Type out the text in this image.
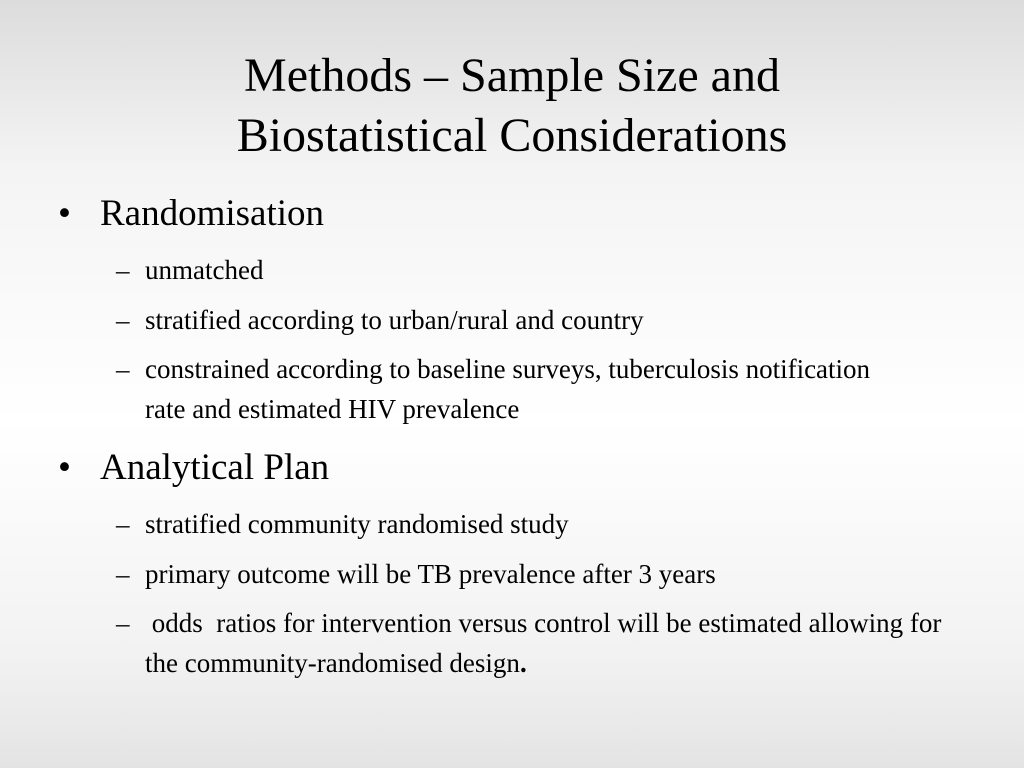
Methods – Sample Size and
Biostatistical Considerations
• Randomisation
– unmatched
– stratified according to urban/rural and country
– constrained according to baseline surveys, tuberculosis notification rate and estimated HIV prevalence
• Analytical Plan
– stratified community randomised study
– primary outcome will be TB prevalence after 3 years
– odds  ratios for intervention versus control will be estimated allowing for the community-randomised design.
